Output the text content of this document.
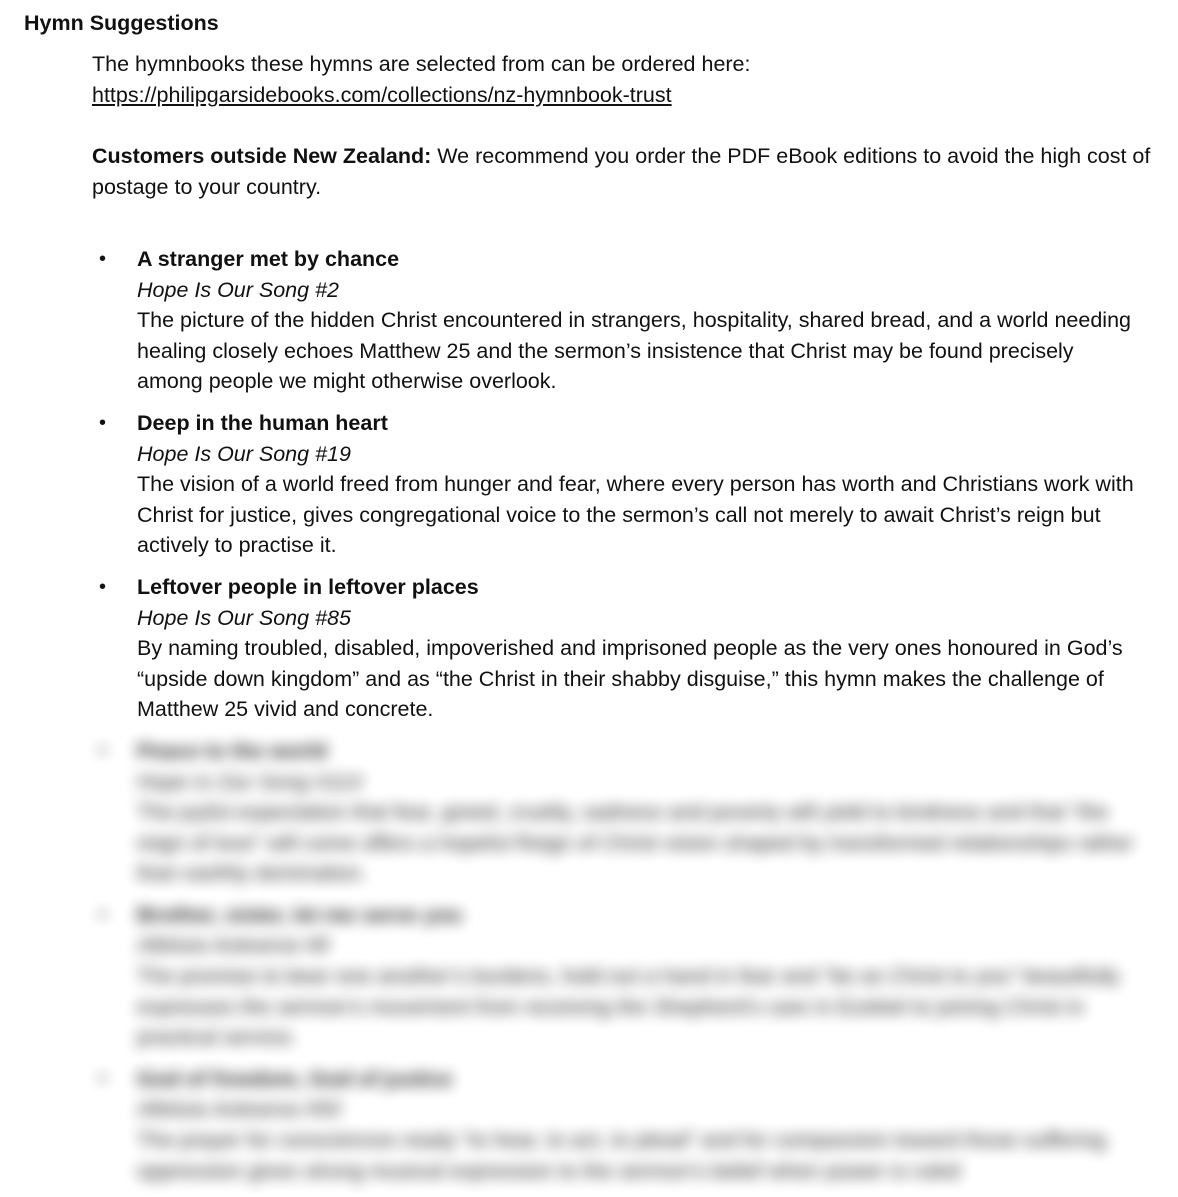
Hymn Suggestions
The hymnbooks these hymns are selected from can be ordered here:
https://philipgarsidebooks.com/collections/nz-hymnbook-trust
Customers outside New Zealand: We recommend you order the PDF eBook editions to avoid the high cost of postage to your country.
• A stranger met by chance
Hope Is Our Song #2
The picture of the hidden Christ encountered in strangers, hospitality, shared bread, and a world needing healing closely echoes Matthew 25 and the sermon’s insistence that Christ may be found precisely among people we might otherwise overlook.
• Deep in the human heart
Hope Is Our Song #19
The vision of a world freed from hunger and fear, where every person has worth and Christians work with Christ for justice, gives congregational voice to the sermon’s call not merely to await Christ’s reign but actively to practise it.
• Leftover people in leftover places
Hope Is Our Song #85
By naming troubled, disabled, impoverished and imprisoned people as the very ones honoured in God’s “upside down kingdom” and as “the Christ in their shabby disguise,” this hymn makes the challenge of Matthew 25 vivid and concrete.
• Peace to the world
Hope Is Our Song #114
The joyful expectation that fear, greed, cruelty, sadness and poverty will yield to kindness and that “the reign of love” will come offers a hopeful Reign of Christ vision shaped by transformed relationships rather than earthly domination.
• Brother, sister, let me serve you
Alleluia Aotearoa #8
The promise to bear one another’s burdens, hold out a hand in fear and “be as Christ to you” beautifully expresses the sermon’s movement from receiving the Shepherd’s care in Ezekiel to joining Christ in practical service.
• God of freedom, God of justice
Alleluia Aotearoa #50
The prayer for consciences ready “to hear, to act, to plead” and for compassion toward those suffering oppression gives strong musical expression to the sermon’s belief when power is ruled
